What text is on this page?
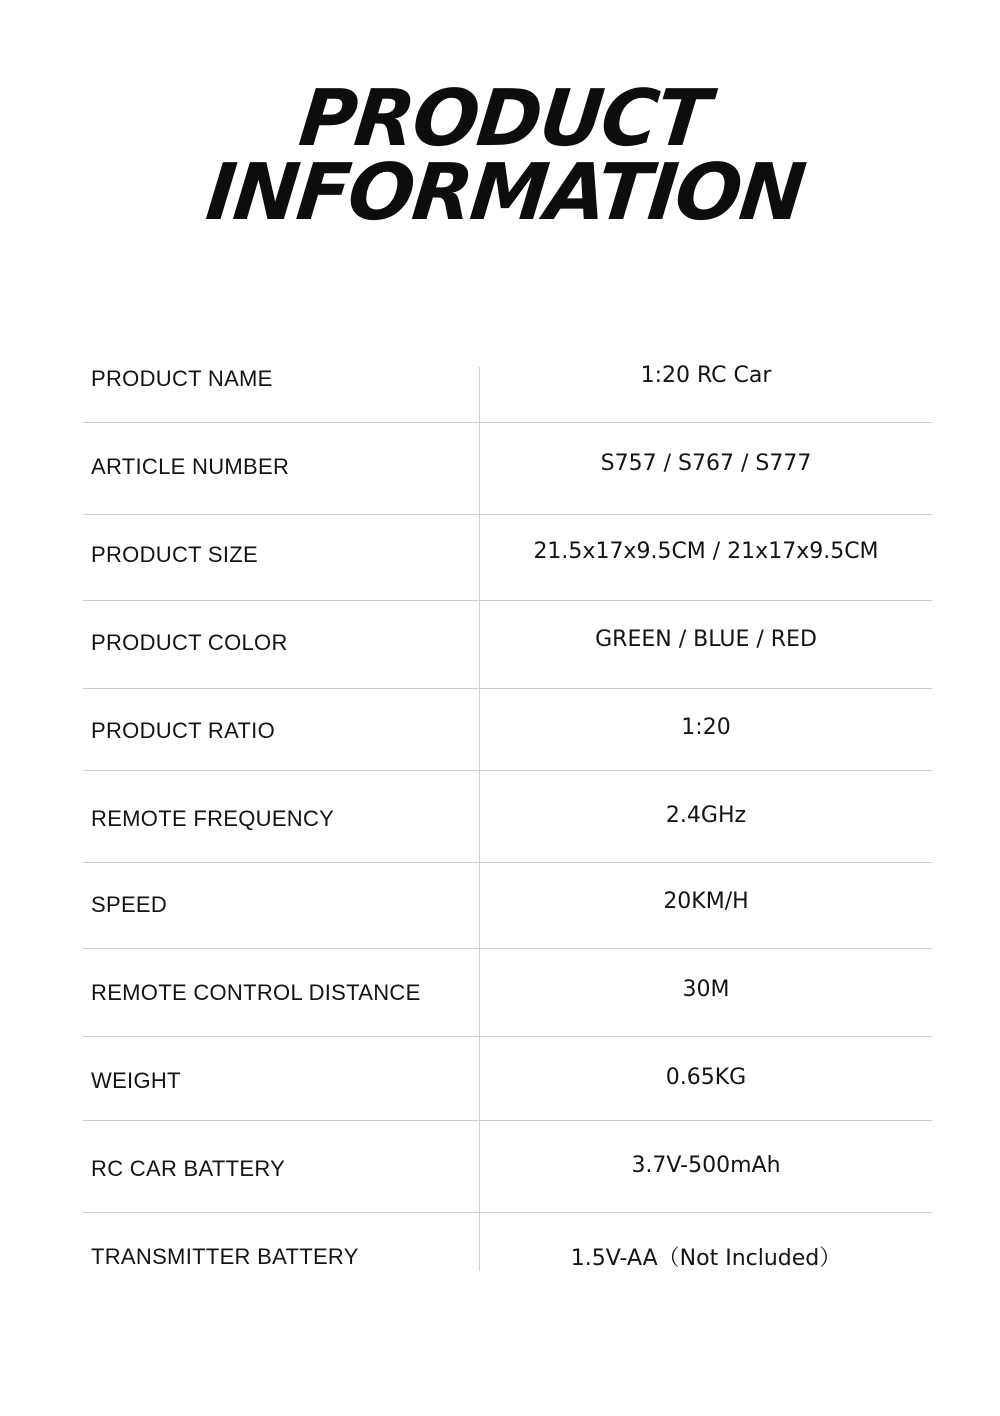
PRODUCT
INFORMATION
PRODUCT NAME	1:20 RC Car
ARTICLE NUMBER	S757 / S767 / S777
PRODUCT SIZE	21.5x17x9.5CM / 21x17x9.5CM
PRODUCT COLOR	GREEN / BLUE / RED
PRODUCT RATIO	1:20
REMOTE FREQUENCY	2.4GHz
SPEED	20KM/H
REMOTE CONTROL DISTANCE	30M
WEIGHT	0.65KG
RC CAR BATTERY	3.7V-500mAh
TRANSMITTER BATTERY	1.5V-AA（Not Included）
